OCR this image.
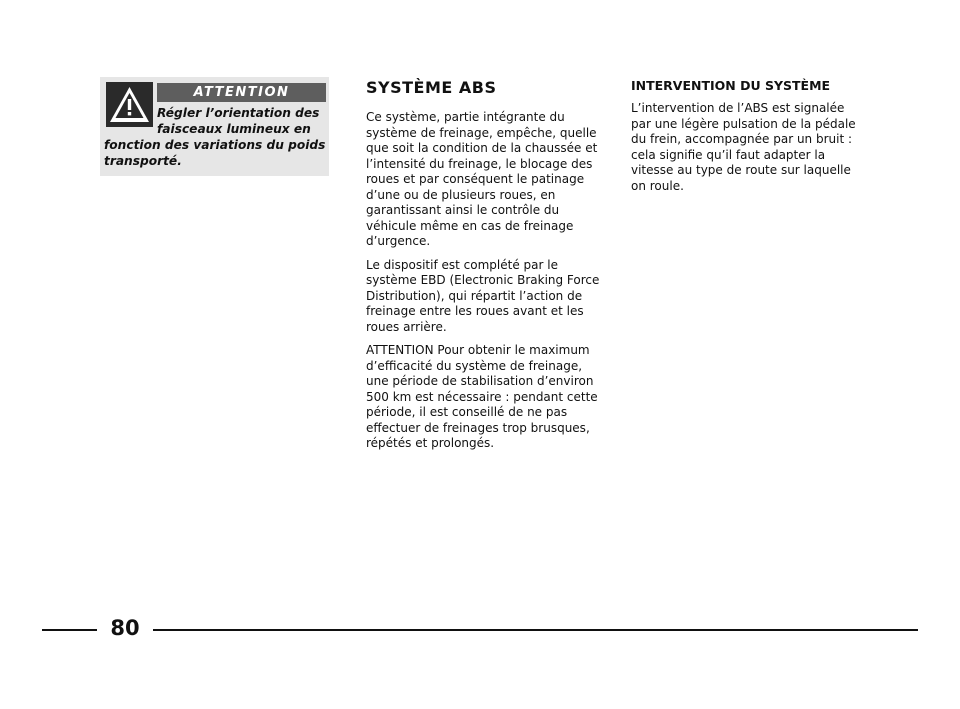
ATTENTION
Régler l’orientation des faisceaux lumineux en fonction des variations du poids transporté.
SYSTÈME ABS

Ce système, partie intégrante du système de freinage, empêche, quelle que soit la condition de la chaussée et l’intensité du freinage, le blocage des roues et par conséquent le patinage d’une ou de plusieurs roues, en garantissant ainsi le contrôle du véhicule même en cas de freinage d’urgence.

Le dispositif est complété par le système EBD (Electronic Braking Force Distribution), qui répartit l’action de freinage entre les roues avant et les roues arrière.

ATTENTION Pour obtenir le maximum d’efficacité du système de freinage, une période de stabilisation d’environ 500 km est nécessaire : pendant cette période, il est conseillé de ne pas effectuer de freinages trop brusques, répétés et prolongés.

INTERVENTION DU SYSTÈME

L’intervention de l’ABS est signalée par une légère pulsation de la pédale du frein, accompagnée par un bruit : cela signifie qu’il faut adapter la vitesse au type de route sur laquelle on roule.

80
